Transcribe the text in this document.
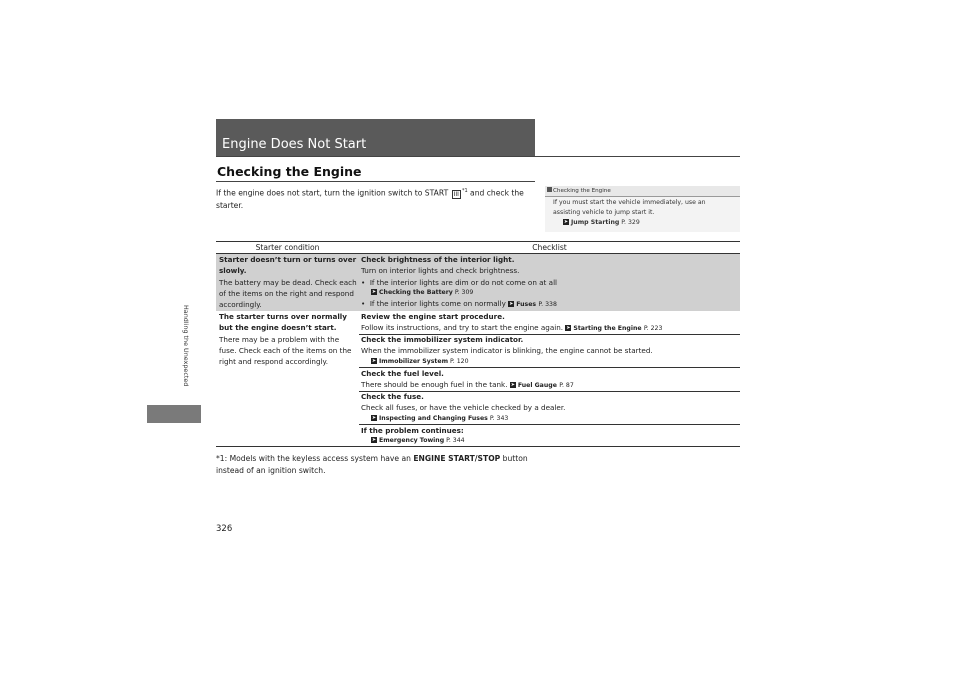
Engine Does Not Start
Checking the Engine
If the engine does not start, turn the ignition switch to START III $^{*1}$ and check the starter.
Checking the Engine
If you must start the vehicle immediately, use an assisting vehicle to jump start it.
➤ Jump Starting P. 329
Starter condition	Checklist
Starter doesn’t turn or turns over slowly.
The battery may be dead. Check each of the items on the right and respond accordingly.
Check brightness of the interior light.
Turn on interior lights and check brightness.
•  If the interior lights are dim or do not come on at all
➤ Checking the Battery P. 309
•  If the interior lights come on normally ➤ Fuses P. 338
The starter turns over normally but the engine doesn’t start.
There may be a problem with the fuse. Check each of the items on the right and respond accordingly.
Review the engine start procedure.
Follow its instructions, and try to start the engine again. ➤ Starting the Engine P. 223
Check the immobilizer system indicator.
When the immobilizer system indicator is blinking, the engine cannot be started.
➤ Immobilizer System P. 120
Check the fuel level.
There should be enough fuel in the tank. ➤ Fuel Gauge P. 87
Check the fuse.
Check all fuses, or have the vehicle checked by a dealer.
➤ Inspecting and Changing Fuses P. 343
If the problem continues:
➤ Emergency Towing P. 344
*1: Models with the keyless access system have an ENGINE START/STOP button instead of an ignition switch.
Handling the Unexpected
326
